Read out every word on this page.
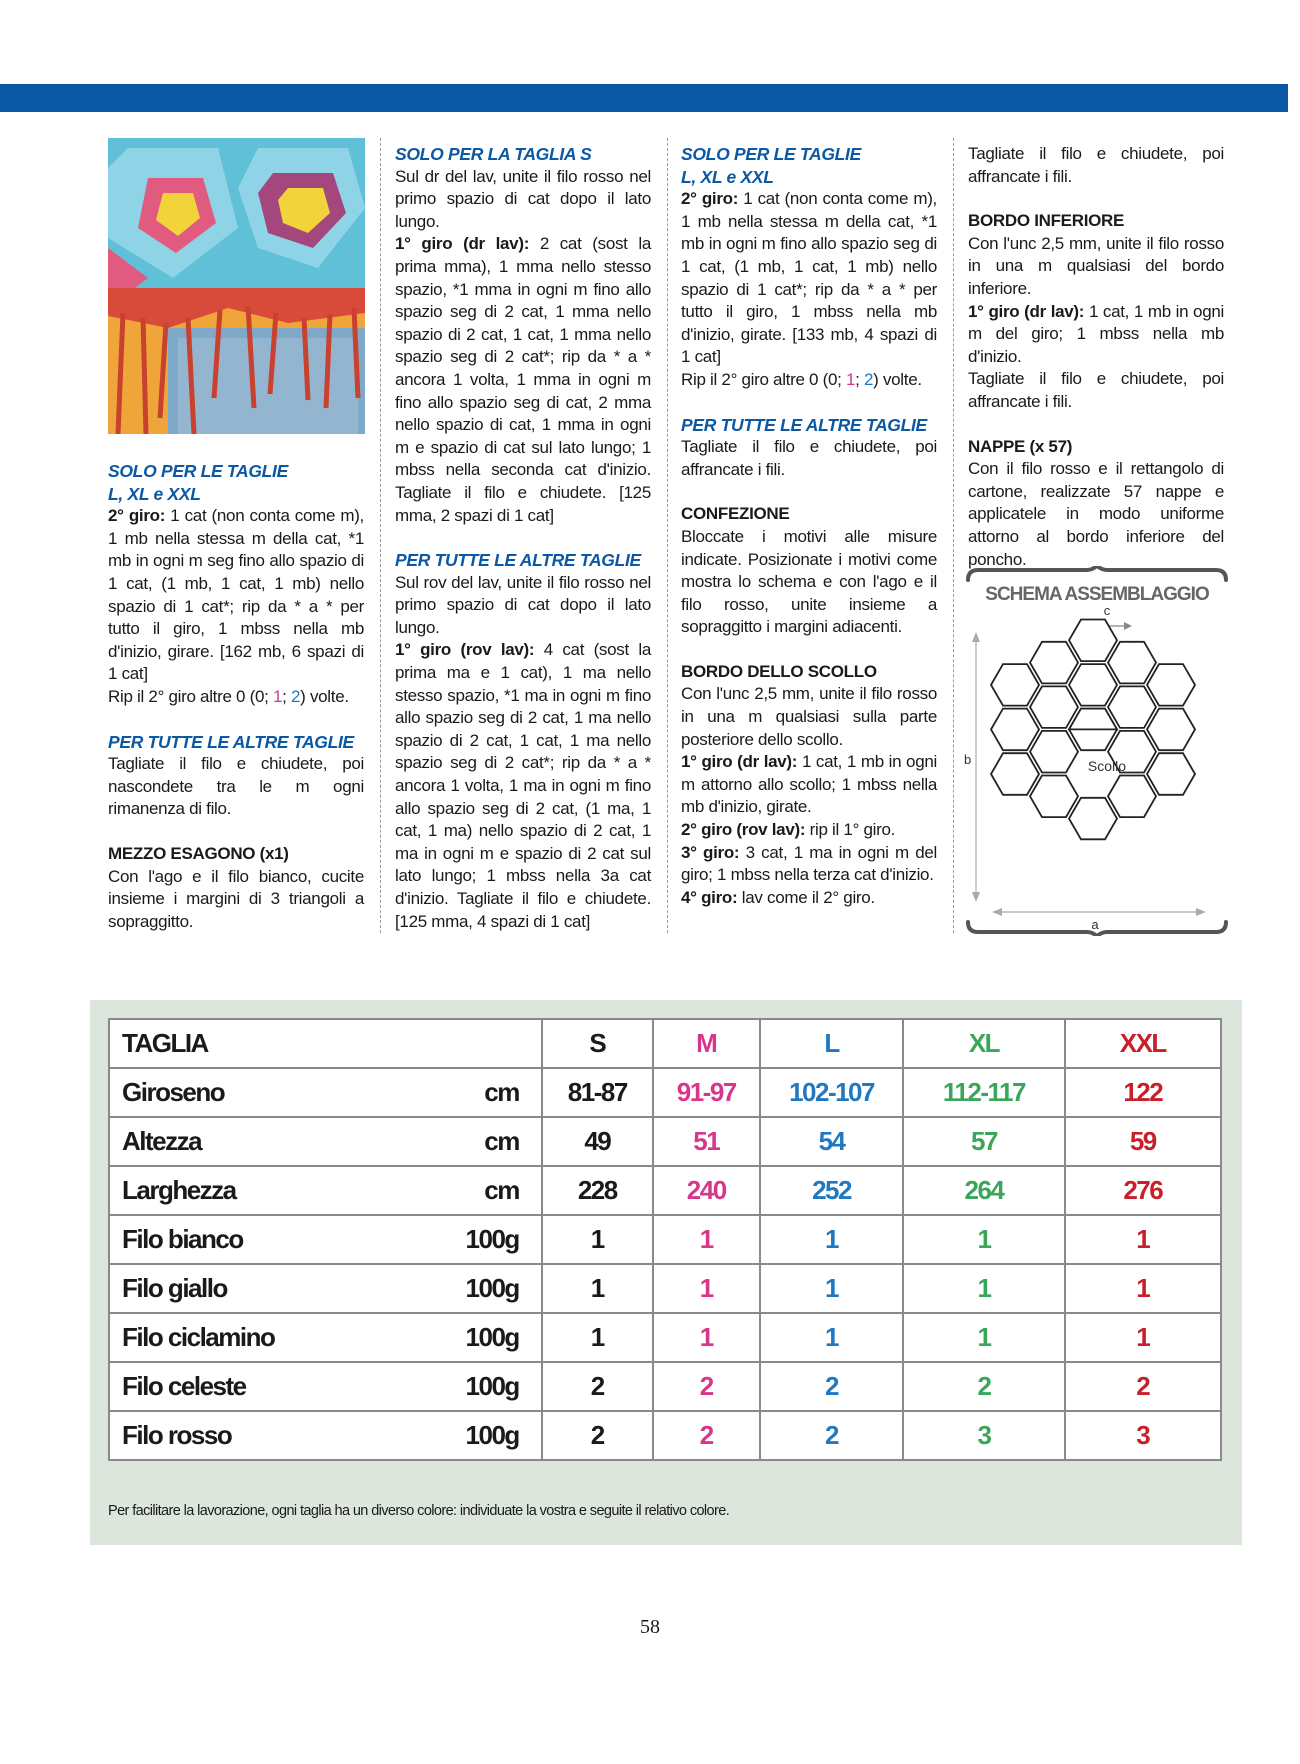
SOLO PER LE TAGLIE

L, XL e XXL

2° giro: 1 cat (non conta come m), 1 mb nella stessa m della cat, *1 mb in ogni m seg fino allo spazio di 1 cat, (1 mb, 1 cat, 1 mb) nello spazio di 1 cat*; rip da * a * per tutto il giro, 1 mbss nella mb d'inizio, girare. [162 mb, 6 spazi di 1 cat]

Rip il 2° giro altre 0 (0; 1; 2) volte.

PER TUTTE LE ALTRE TAGLIE

Tagliate il filo e chiudete, poi nascondete tra le m ogni rimanenza di filo.

MEZZO ESAGONO (x1)

Con l'ago e il filo bianco, cucite insieme i margini di 3 triangoli a sopraggitto.

SOLO PER LA TAGLIA S

Sul dr del lav, unite il filo rosso nel primo spazio di cat dopo il lato lungo.

1° giro (dr lav): 2 cat (sost la prima mma), 1 mma nello stesso spazio, *1 mma in ogni m fino allo spazio seg di 2 cat, 1 mma nello spazio di 2 cat, 1 cat, 1 mma nello spazio seg di 2 cat*; rip da * a * ancora 1 volta, 1 mma in ogni m fino allo spazio seg di cat, 2 mma nello spazio di cat, 1 mma in ogni m e spazio di cat sul lato lungo; 1 mbss nella seconda cat d'inizio. Tagliate il filo e chiudete. [125 mma, 2 spazi di 1 cat]

PER TUTTE LE ALTRE TAGLIE

Sul rov del lav, unite il filo rosso nel primo spazio di cat dopo il lato lungo.

1° giro (rov lav): 4 cat (sost la prima ma e 1 cat), 1 ma nello stesso spazio, *1 ma in ogni m fino allo spazio seg di 2 cat, 1 ma nello spazio di 2 cat, 1 cat, 1 ma nello spazio seg di 2 cat*; rip da * a * ancora 1 volta, 1 ma in ogni m fino allo spazio seg di 2 cat, (1 ma, 1 cat, 1 ma) nello spazio di 2 cat, 1 ma in ogni m e spazio di 2 cat sul lato lungo; 1 mbss nella 3a cat d'inizio. Tagliate il filo e chiudete. [125 mma, 4 spazi di 1 cat]

SOLO PER LE TAGLIE

L, XL e XXL

2° giro: 1 cat (non conta come m), 1 mb nella stessa m della cat, *1 mb in ogni m fino allo spazio seg di 1 cat, (1 mb, 1 cat, 1 mb) nello spazio di 1 cat*; rip da * a * per tutto il giro, 1 mbss nella mb d'inizio, girate. [133 mb, 4 spazi di 1 cat]

Rip il 2° giro altre 0 (0; 1; 2) volte.

PER TUTTE LE ALTRE TAGLIE

Tagliate il filo e chiudete, poi affrancate i fili.

CONFEZIONE

Bloccate i motivi alle misure indicate. Posizionate i motivi come mostra lo schema e con l'ago e il filo rosso, unite insieme a sopraggitto i margini adiacenti.

BORDO DELLO SCOLLO

Con l'unc 2,5 mm, unite il filo rosso in una m qualsiasi sulla parte posteriore dello scollo.

1° giro (dr lav): 1 cat, 1 mb in ogni m attorno allo scollo; 1 mbss nella mb d'inizio, girate.

2° giro (rov lav): rip il 1° giro.

3° giro: 3 cat, 1 ma in ogni m del giro; 1 mbss nella terza cat d'inizio.

4° giro: lav come il 2° giro.

Tagliate il filo e chiudete, poi affrancate i fili.

BORDO INFERIORE

Con l'unc 2,5 mm, unite il filo rosso in una m qualsiasi del bordo inferiore.

1° giro (dr lav): 1 cat, 1 mb in ogni m del giro; 1 mbss nella mb d'inizio.

Tagliate il filo e chiudete, poi affrancate i fili.

NAPPE (x 57)

Con il filo rosso e il rettangolo di cartone, realizzate 57 nappe e applicatele in modo uniforme attorno al bordo inferiore del poncho.

SCHEMA ASSEMBLAGGIO
c
b
a
Scollo
TAGLIA		S	M	L	XL	XXL
Giroseno	cm	81-87	91-97	102-107	112-117	122
Altezza	cm	49	51	54	57	59
Larghezza	cm	228	240	252	264	276
Filo bianco	100g	1	1	1	1	1
Filo giallo	100g	1	1	1	1	1
Filo ciclamino	100g	1	1	1	1	1
Filo celeste	100g	2	2	2	2	2
Filo rosso	100g	2	2	2	3	3
Per facilitare la lavorazione, ogni taglia ha un diverso colore: individuate la vostra e seguite il relativo colore.
58
